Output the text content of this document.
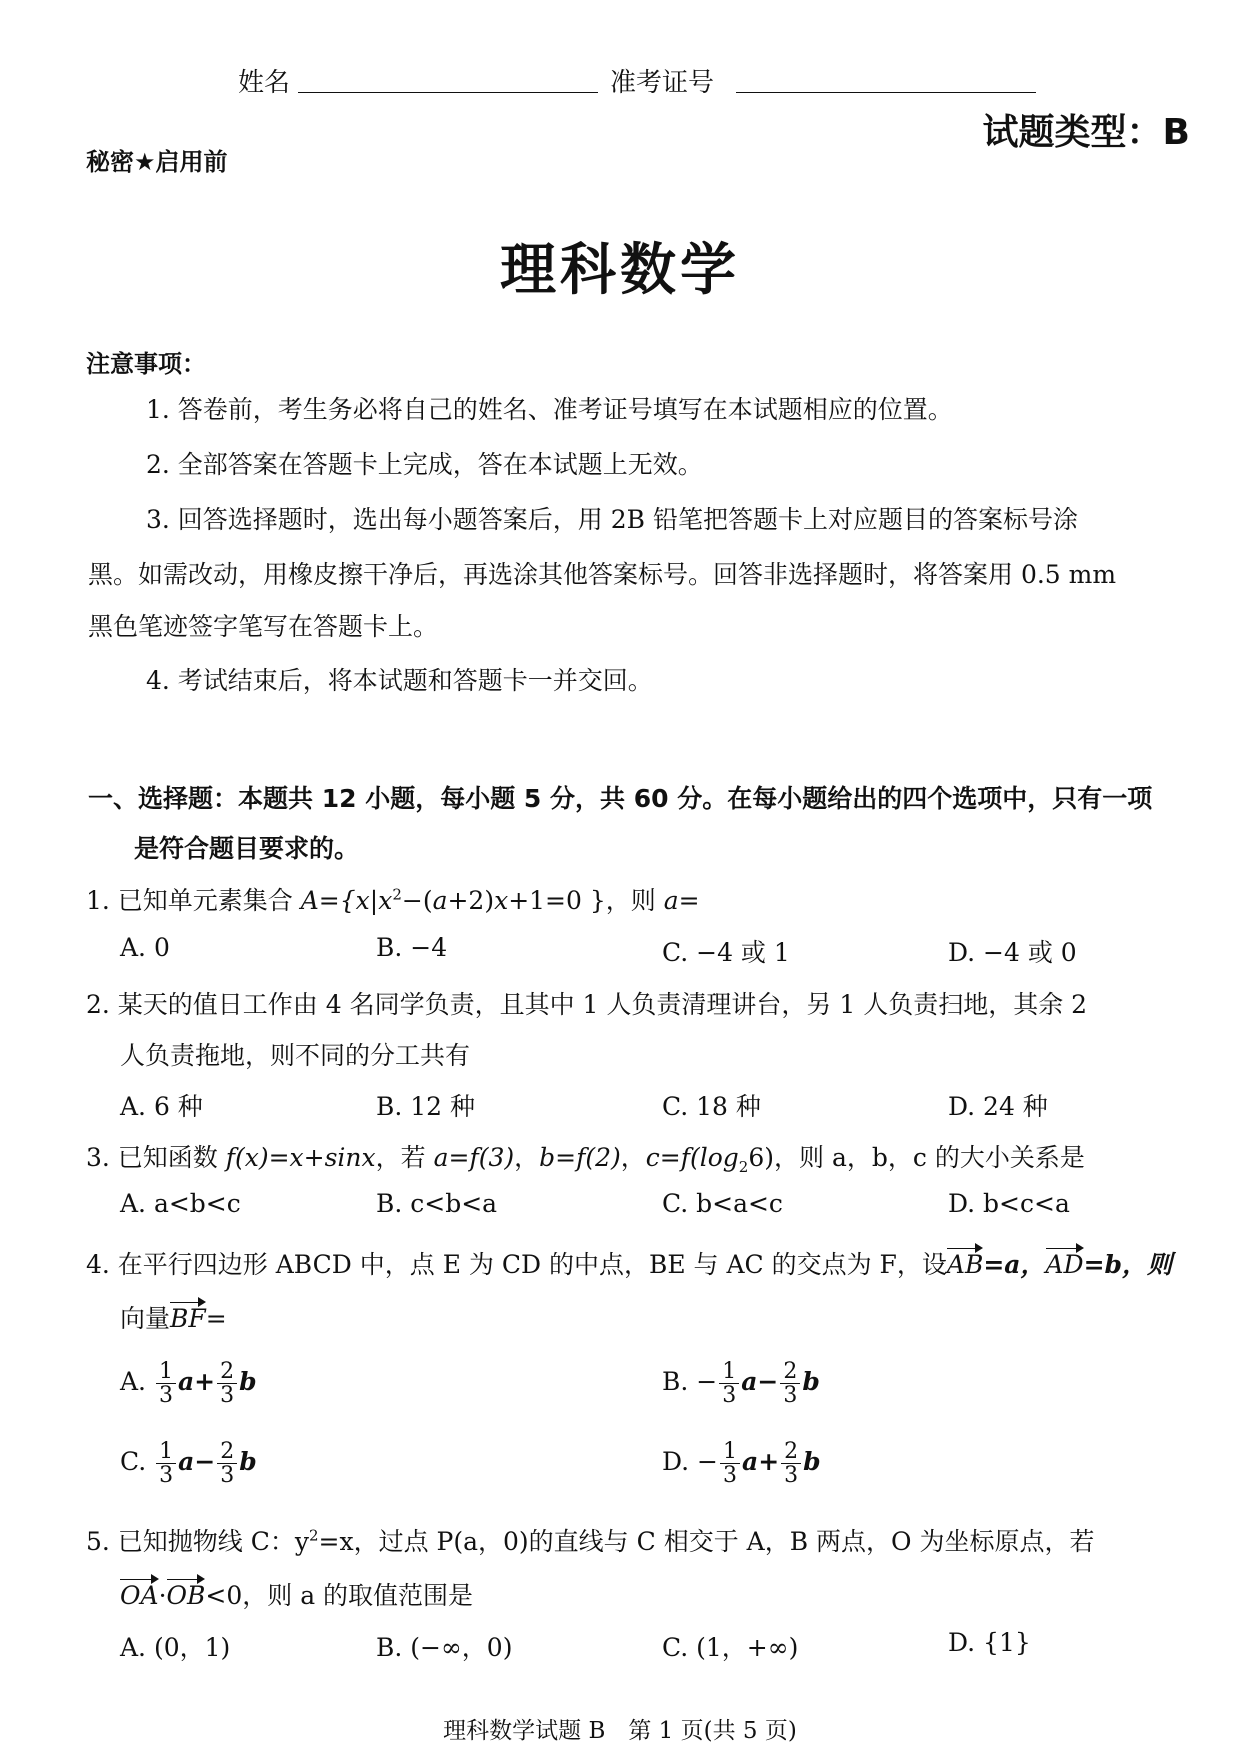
姓名	准考证号
试题类型：B
秘密★启用前
理科数学
注意事项：
1. 答卷前，考生务必将自己的姓名、准考证号填写在本试题相应的位置。
2. 全部答案在答题卡上完成，答在本试题上无效。
3. 回答选择题时，选出每小题答案后，用 2B 铅笔把答题卡上对应题目的答案标号涂
黑。如需改动，用橡皮擦干净后，再选涂其他答案标号。回答非选择题时，将答案用 0.5 mm
黑色笔迹签字笔写在答题卡上。
4. 考试结束后，将本试题和答题卡一并交回。
一、选择题：本题共 12 小题，每小题 5 分，共 60 分。在每小题给出的四个选项中，只有一项
是符合题目要求的。
1. 已知单元素集合 $A=\{x|x^2-(a+2)x+1=0$ }，则 a=
A. 0	B. −4	C. −4 或 1	D. −4 或 0
2. 某天的值日工作由 4 名同学负责，且其中 1 人负责清理讲台，另 1 人负责扫地，其余 2
人负责拖地，则不同的分工共有
A. 6 种	B. 12 种	C. 18 种	D. 24 种
3. 已知函数 f(x)=x+sinx，若 a=f(3)，b=f(2)，$c=f(\log_26)$，则 a，b，c 的大小关系是
A. a<b<c	B. c<b<a	C. b<a<c	D. b<c<a
4. 在平行四边形 ABCD 中，点 E 为 CD 的中点，BE 与 AC 的交点为 F，设AB=a，AD=b，则
向量BF=
A. $\frac{1}{3} a+ \frac{2}{3}$ b	B. − $\frac{1}{3} a- \frac{2}{3}$ b
C. $\frac{1}{3} a- \frac{2}{3}$ b	D. − $\frac{1}{3} a+ \frac{2}{3}$ b
5. 已知抛物线 C：$y^2=x$，过点 P(a，0)的直线与 C 相交于 A，B 两点，O 为坐标原点，若
OA·OB<0，则 a 的取值范围是
A. (0，1)	B. (−∞，0)	C. (1，+∞)	D. {1}
理科数学试题 B　第 1 页(共 5 页)
